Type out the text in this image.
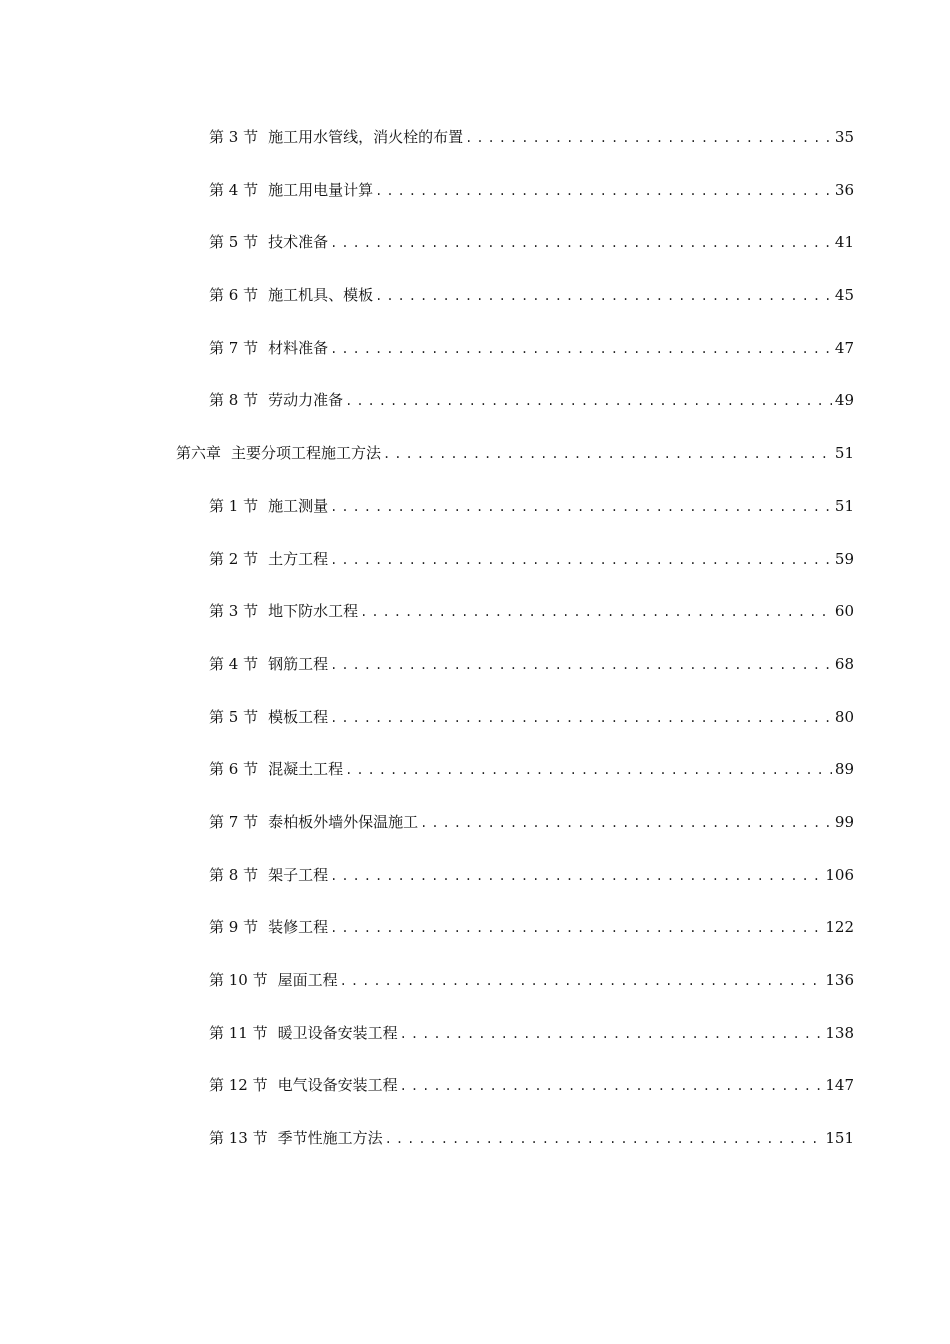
第 3 节 施工用水管线，消火栓的布置 .....	35
第 4 节 施工用电量计算 .....	36
第 5 节 技术准备 .....	41
第 6 节 施工机具、模板 .....	45
第 7 节 材料准备 .....	47
第 8 节 劳动力准备 .....	49
第六章 主要分项工程施工方法 .....	51
第 1 节 施工测量 .....	51
第 2 节 土方工程 .....	59
第 3 节 地下防水工程 .....	60
第 4 节 钢筋工程 .....	68
第 5 节 模板工程 .....	80
第 6 节 混凝土工程 .....	89
第 7 节 泰柏板外墙外保温施工 .....	99
第 8 节 架子工程 .....	106
第 9 节 装修工程 .....	122
第 10 节 屋面工程 .....	136
第 11 节 暖卫设备安装工程 .....	138
第 12 节 电气设备安装工程 .....	147
第 13 节 季节性施工方法 .....	151
